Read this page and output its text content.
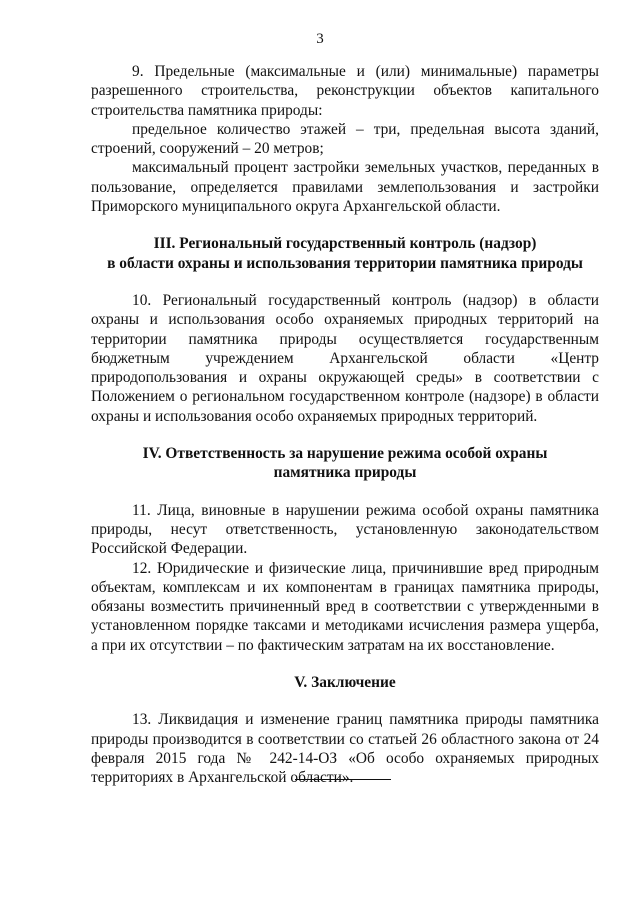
3

9. Предельные (максимальные и (или) минимальные) параметры разрешенного строительства, реконструкции объектов капитального строительства памятника природы:

предельное количество этажей – три, предельная высота зданий, строений, сооружений – 20 метров;

максимальный процент застройки земельных участков, переданных в пользование, определяется правилами землепользования и застройки Приморского муниципального округа Архангельской области.

III. Региональный государственный контроль (надзор)
в области охраны и использования территории памятника природы

10. Региональный государственный контроль (надзор) в области охраны и использования особо охраняемых природных территорий на территории памятника природы осуществляется государственным бюджетным учреждением Архангельской области «Центр природопользования и охраны окружающей среды» в соответствии с Положением о региональном государственном контроле (надзоре) в области охраны и использования особо охраняемых природных территорий.

IV. Ответственность за нарушение режима особой охраны
памятника природы

11. Лица, виновные в нарушении режима особой охраны памятника природы, несут ответственность, установленную законодательством Российской Федерации.

12. Юридические и физические лица, причинившие вред природным объектам, комплексам и их компонентам в границах памятника природы, обязаны возместить причиненный вред в соответствии с утвержденными в установленном порядке таксами и методиками исчисления размера ущерба, а при их отсутствии – по фактическим затратам на их восстановление.

V. Заключение

13. Ликвидация и изменение границ памятника природы памятника природы производится в соответствии со статьей 26 областного закона от 24 февраля 2015 года № 242-14-ОЗ «Об особо охраняемых природных территориях в Архангельской области».
